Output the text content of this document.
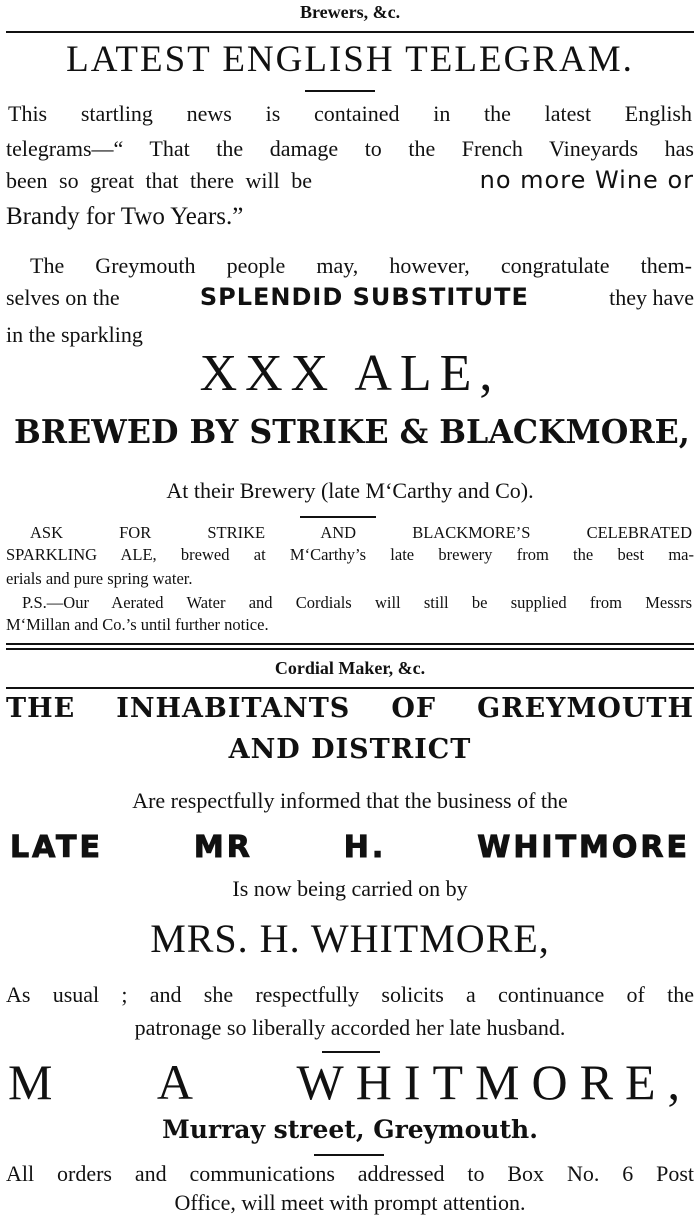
Brewers, &c.
LATEST ENGLISH TELEGRAM.
This startling news is contained in the latest English
telegrams—“ That the damage to the French Vineyards has
been so great that there will be	no more Wine or
Brandy for Two Years.”
The Greymouth people may, however, congratulate them-
selves on the	SPLENDID SUBSTITUTE	they have
in the sparkling
XXX ALE,
BREWED BY STRIKE & BLACKMORE,
At their Brewery (late M‘Carthy and Co).
ASK FOR STRIKE AND BLACKMORE’S CELEBRATED
SPARKLING ALE, brewed at M‘Carthy’s late brewery from the best ma-
erials and pure spring water.
P.S.—Our Aerated Water and Cordials will still be supplied from Messrs
M‘Millan and Co.’s until further notice.
Cordial Maker, &c.
THE INHABITANTS OF GREYMOUTH
AND DISTRICT
Are respectfully informed that the business of the
LATE MR H. WHITMORE
Is now being carried on by
MRS. H. WHITMORE,
As usual ; and she respectfully solicits a continuance of the
patronage so liberally accorded her late husband.
M A WHITMORE,
Murray street, Greymouth.
All orders and communications addressed to Box No. 6 Post
Office, will meet with prompt attention.
